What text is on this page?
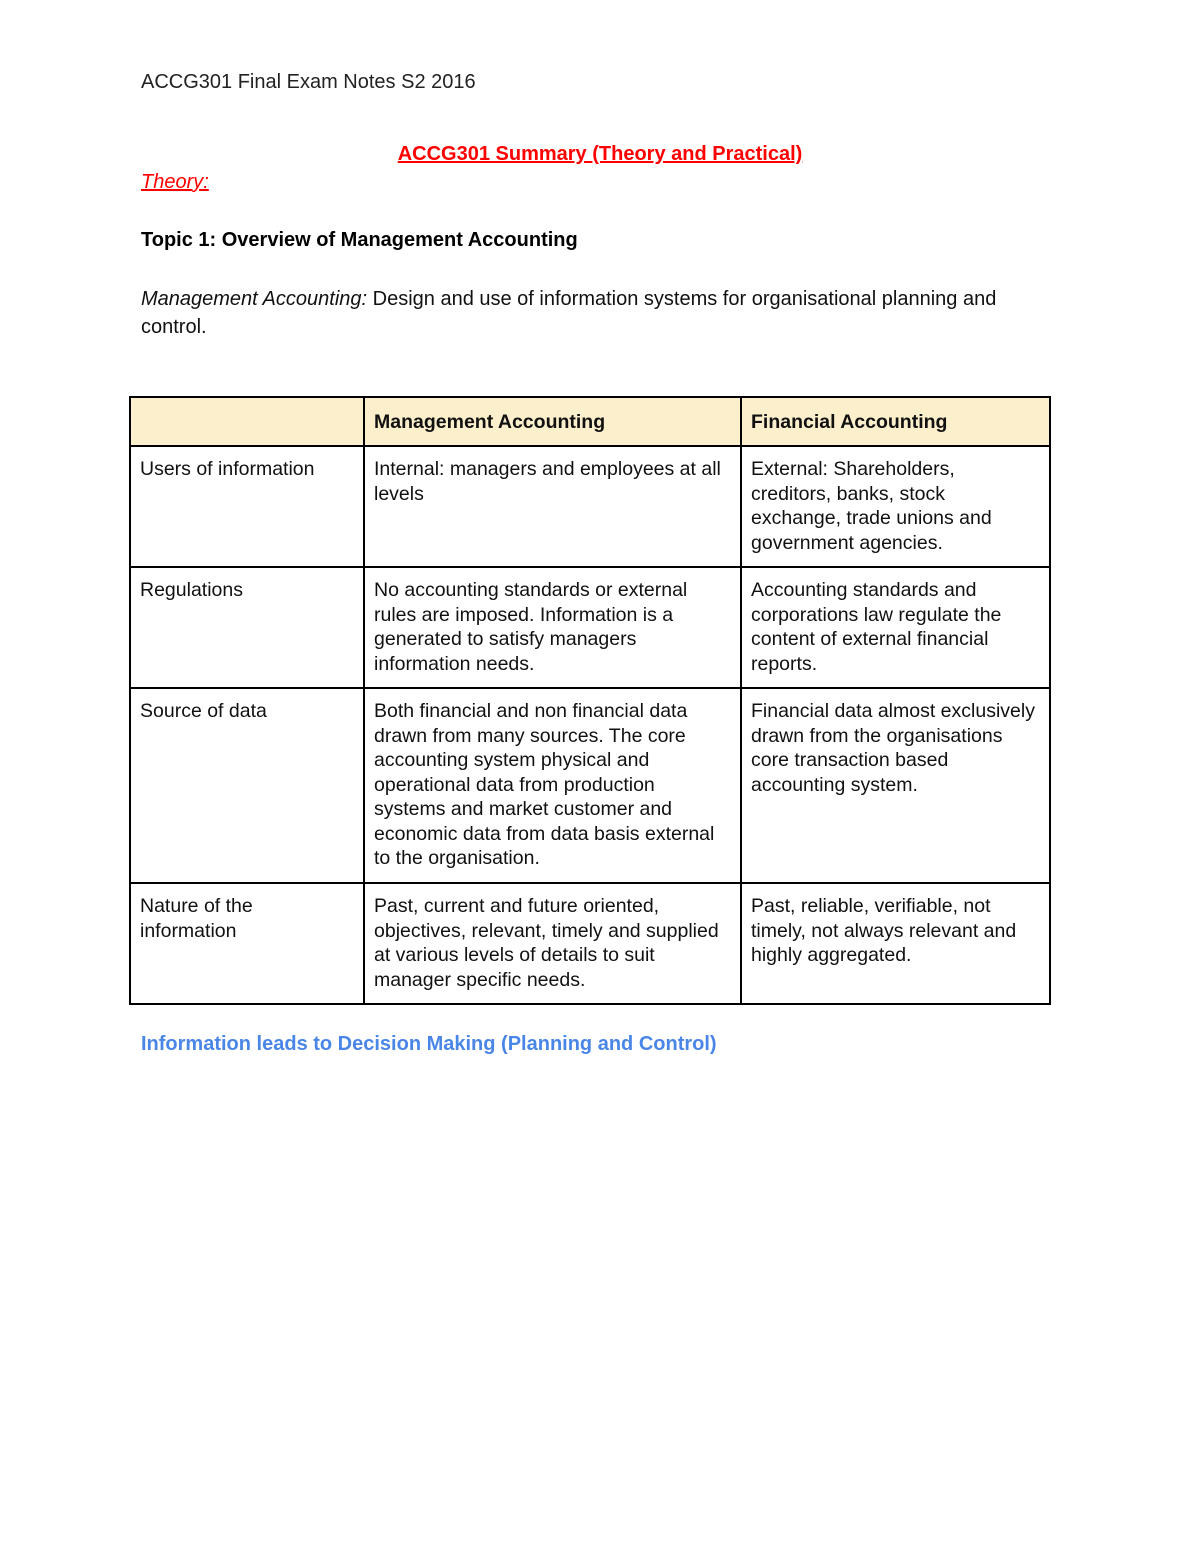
ACCG301 Final Exam Notes S2 2016
ACCG301 Summary (Theory and Practical)
Theory:
Topic 1: Overview of Management Accounting
Management Accounting: Design and use of information systems for organisational planning and control.
	Management Accounting	Financial Accounting
Users of information	Internal: managers and employees at all levels	External: Shareholders, creditors, banks, stock exchange, trade unions and government agencies.
Regulations	No accounting standards or external rules are imposed. Information is a generated to satisfy managers information needs.	Accounting standards and corporations law regulate the content of external financial reports.
Source of data	Both financial and non financial data drawn from many sources. The core accounting system physical and operational data from production systems and market customer and economic data from data basis external to the organisation.	Financial data almost exclusively drawn from the organisations core transaction based accounting system.
Nature of the information	Past, current and future oriented, objectives, relevant, timely and supplied at various levels of details to suit manager specific needs.	Past, reliable, verifiable, not timely, not always relevant and highly aggregated.
Information leads to Decision Making (Planning and Control)
